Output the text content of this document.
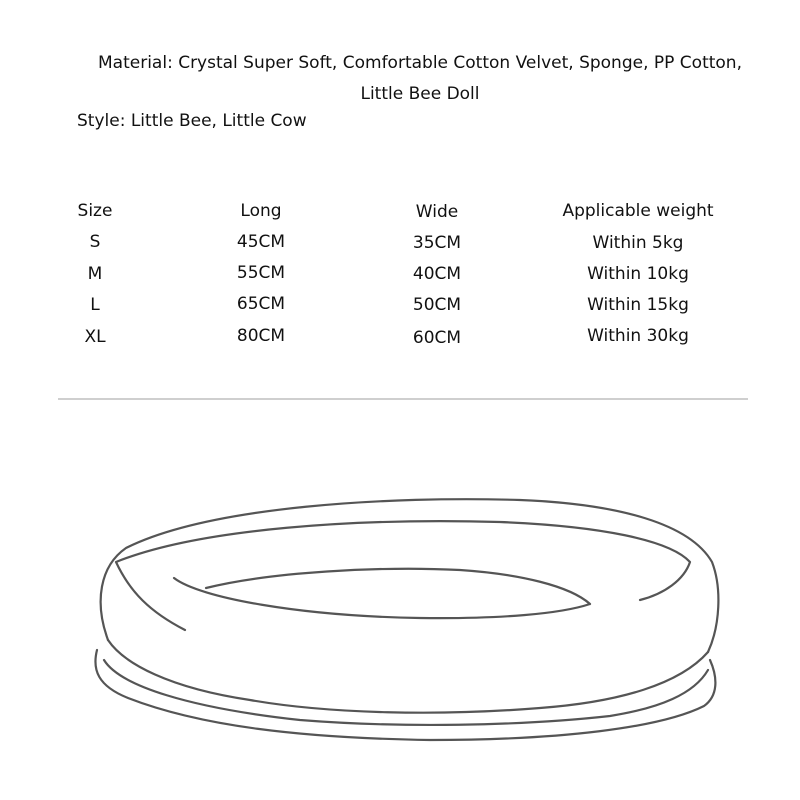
Material: Crystal Super Soft, Comfortable Cotton Velvet, Sponge, PP Cotton,
Little Bee Doll
Style: Little Bee, Little Cow
Size	Long	Wide	Applicable weight
S	45CM	35CM	Within 5kg
M	55CM	40CM	Within 10kg
L	65CM	50CM	Within 15kg
XL	80CM	60CM	Within 30kg
